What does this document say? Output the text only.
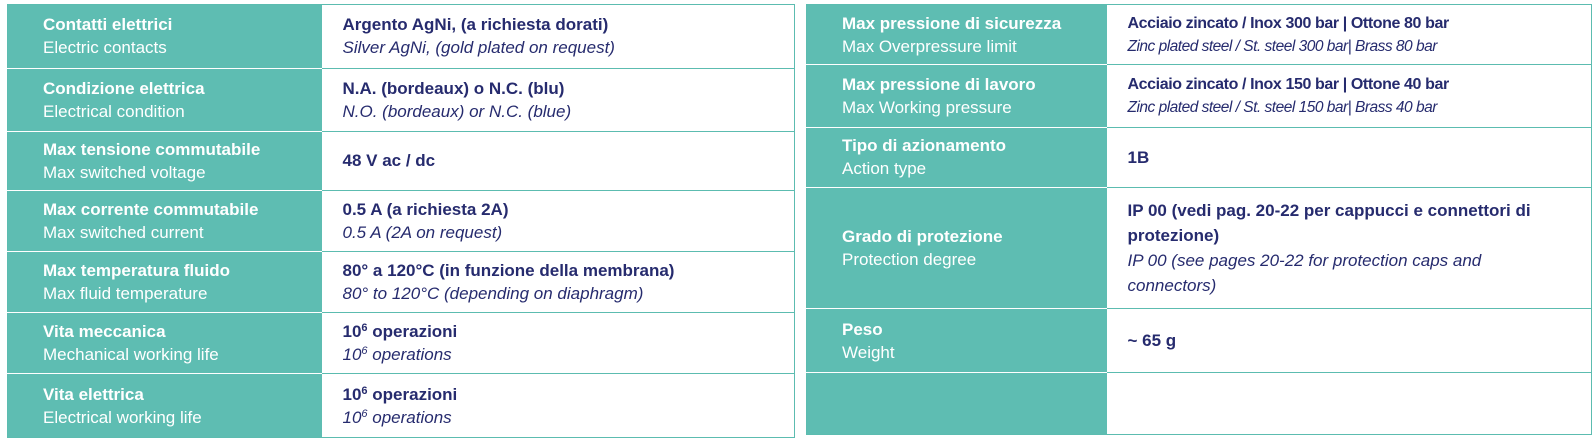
Contatti elettrici
Electric contacts	Argento AgNi, (a richiesta dorati)
Silver AgNi, (gold plated on request)

Condizione elettrica
Electrical condition	N.A. (bordeaux) o N.C. (blu)
N.O. (bordeaux) or N.C. (blue)

Max tensione commutabile
Max switched voltage	48 V ac / dc

Max corrente commutabile
Max switched current	0.5 A (a richiesta 2A)
0.5 A (2A on request)

Max temperatura fluido
Max fluid temperature	80° a 120°C (in funzione della membrana)
80° to 120°C (depending on diaphragm)

Vita meccanica
Mechanical working life	$10^6$ operazioni
$10^6$ operations

Vita elettrica
Electrical working life	$10^6$ operazioni
$10^6$ operations
Max pressione di sicurezza
Max Overpressure limit	Acciaio zincato / Inox 300 bar | Ottone 80 bar
Zinc plated steel / St. steel 300 bar| Brass 80 bar

Max pressione di lavoro
Max Working pressure	Acciaio zincato / Inox 150 bar | Ottone 40 bar
Zinc plated steel / St. steel 150 bar| Brass 40 bar

Tipo di azionamento
Action type	1B

Grado di protezione
Protection degree	IP 00 (vedi pag. 20-22 per cappucci e connettori di protezione)
IP 00 (see pages 20-22 for protection caps and connectors)

Peso
Weight	~ 65 g
